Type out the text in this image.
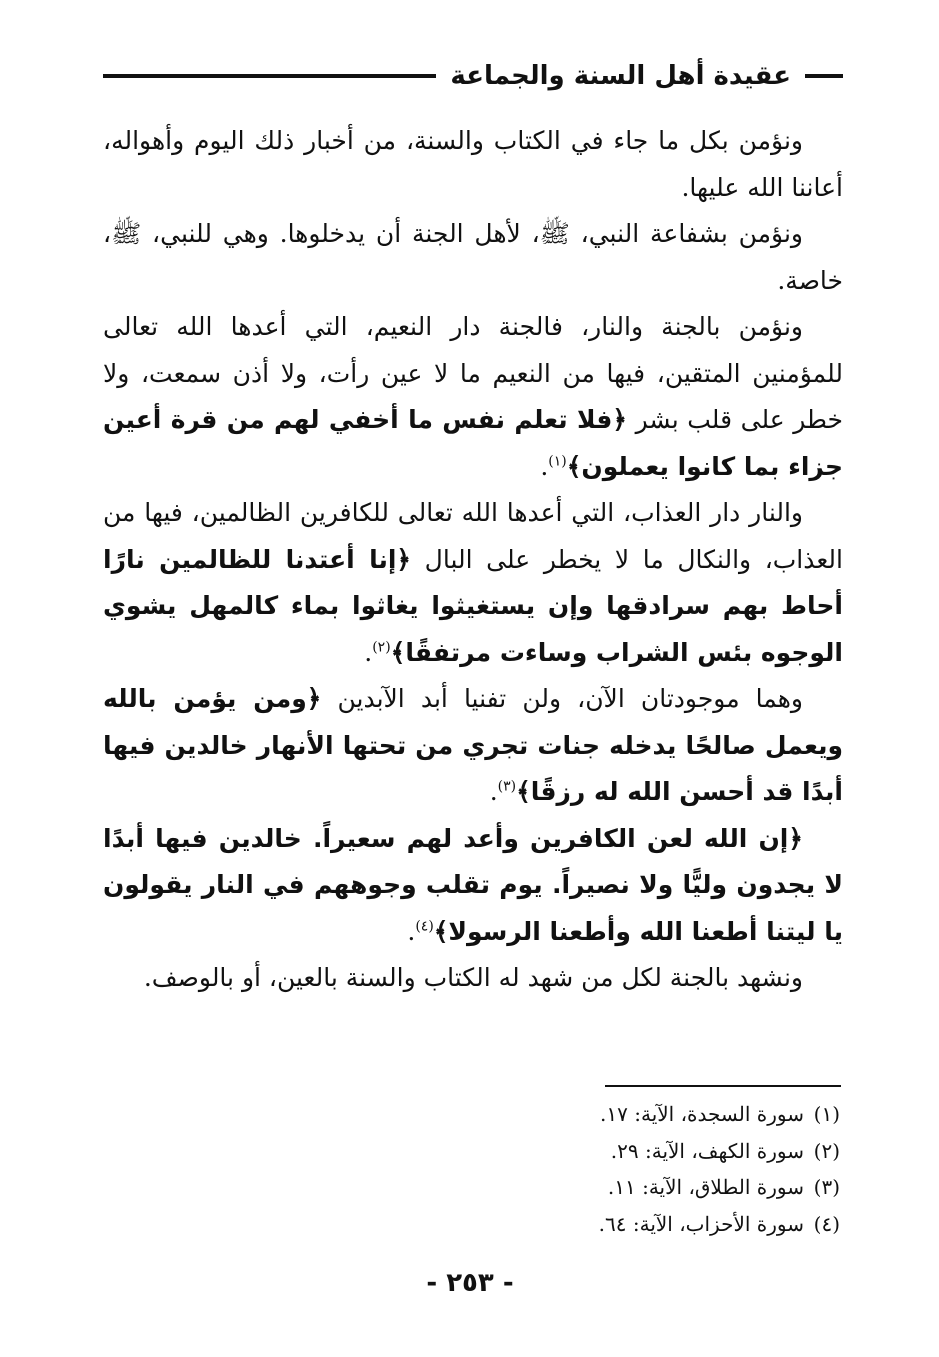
عقيدة أهل السنة والجماعة

ونؤمن بكل ما جاء في الكتاب والسنة، من أخبار ذلك اليوم وأهواله، أعاننا الله عليها.

ونؤمن بشفاعة النبي، ﷺ، لأهل الجنة أن يدخلوها. وهي للنبي، ﷺ، خاصة.

ونؤمن بالجنة والنار، فالجنة دار النعيم، التي أعدها الله تعالى للمؤمنين المتقين، فيها من النعيم ما لا عين رأت، ولا أذن سمعت، ولا خطر على قلب بشر ﴿فلا تعلم نفس ما أخفي لهم من قرة أعين جزاء بما كانوا يعملون﴾$^{(١)}$.

والنار دار العذاب، التي أعدها الله تعالى للكافرين الظالمين، فيها من العذاب، والنكال ما لا يخطر على البال ﴿إنا أعتدنا للظالمين نارًا أحاط بهم سرادقها وإن يستغيثوا يغاثوا بماء كالمهل يشوي الوجوه بئس الشراب وساءت مرتفقًا﴾$^{(٢)}$.

وهما موجودتان الآن، ولن تفنيا أبد الآبدين ﴿ومن يؤمن بالله ويعمل صالحًا يدخله جنات تجري من تحتها الأنهار خالدين فيها أبدًا قد أحسن الله له رزقًا﴾$^{(٣)}$.

﴿إن الله لعن الكافرين وأعد لهم سعيراً. خالدين فيها أبدًا لا يجدون وليًّا ولا نصيراً. يوم تقلب وجوههم في النار يقولون يا ليتنا أطعنا الله وأطعنا الرسولا﴾$^{(٤)}$.

ونشهد بالجنة لكل من شهد له الكتاب والسنة بالعين، أو بالوصف.

(١)سورة السجدة، الآية: ١٧.
(٢)سورة الكهف، الآية: ٢٩.
(٣)سورة الطلاق، الآية: ١١.
(٤)سورة الأحزاب، الآية: ٦٤.
- ٢٥٣ -
